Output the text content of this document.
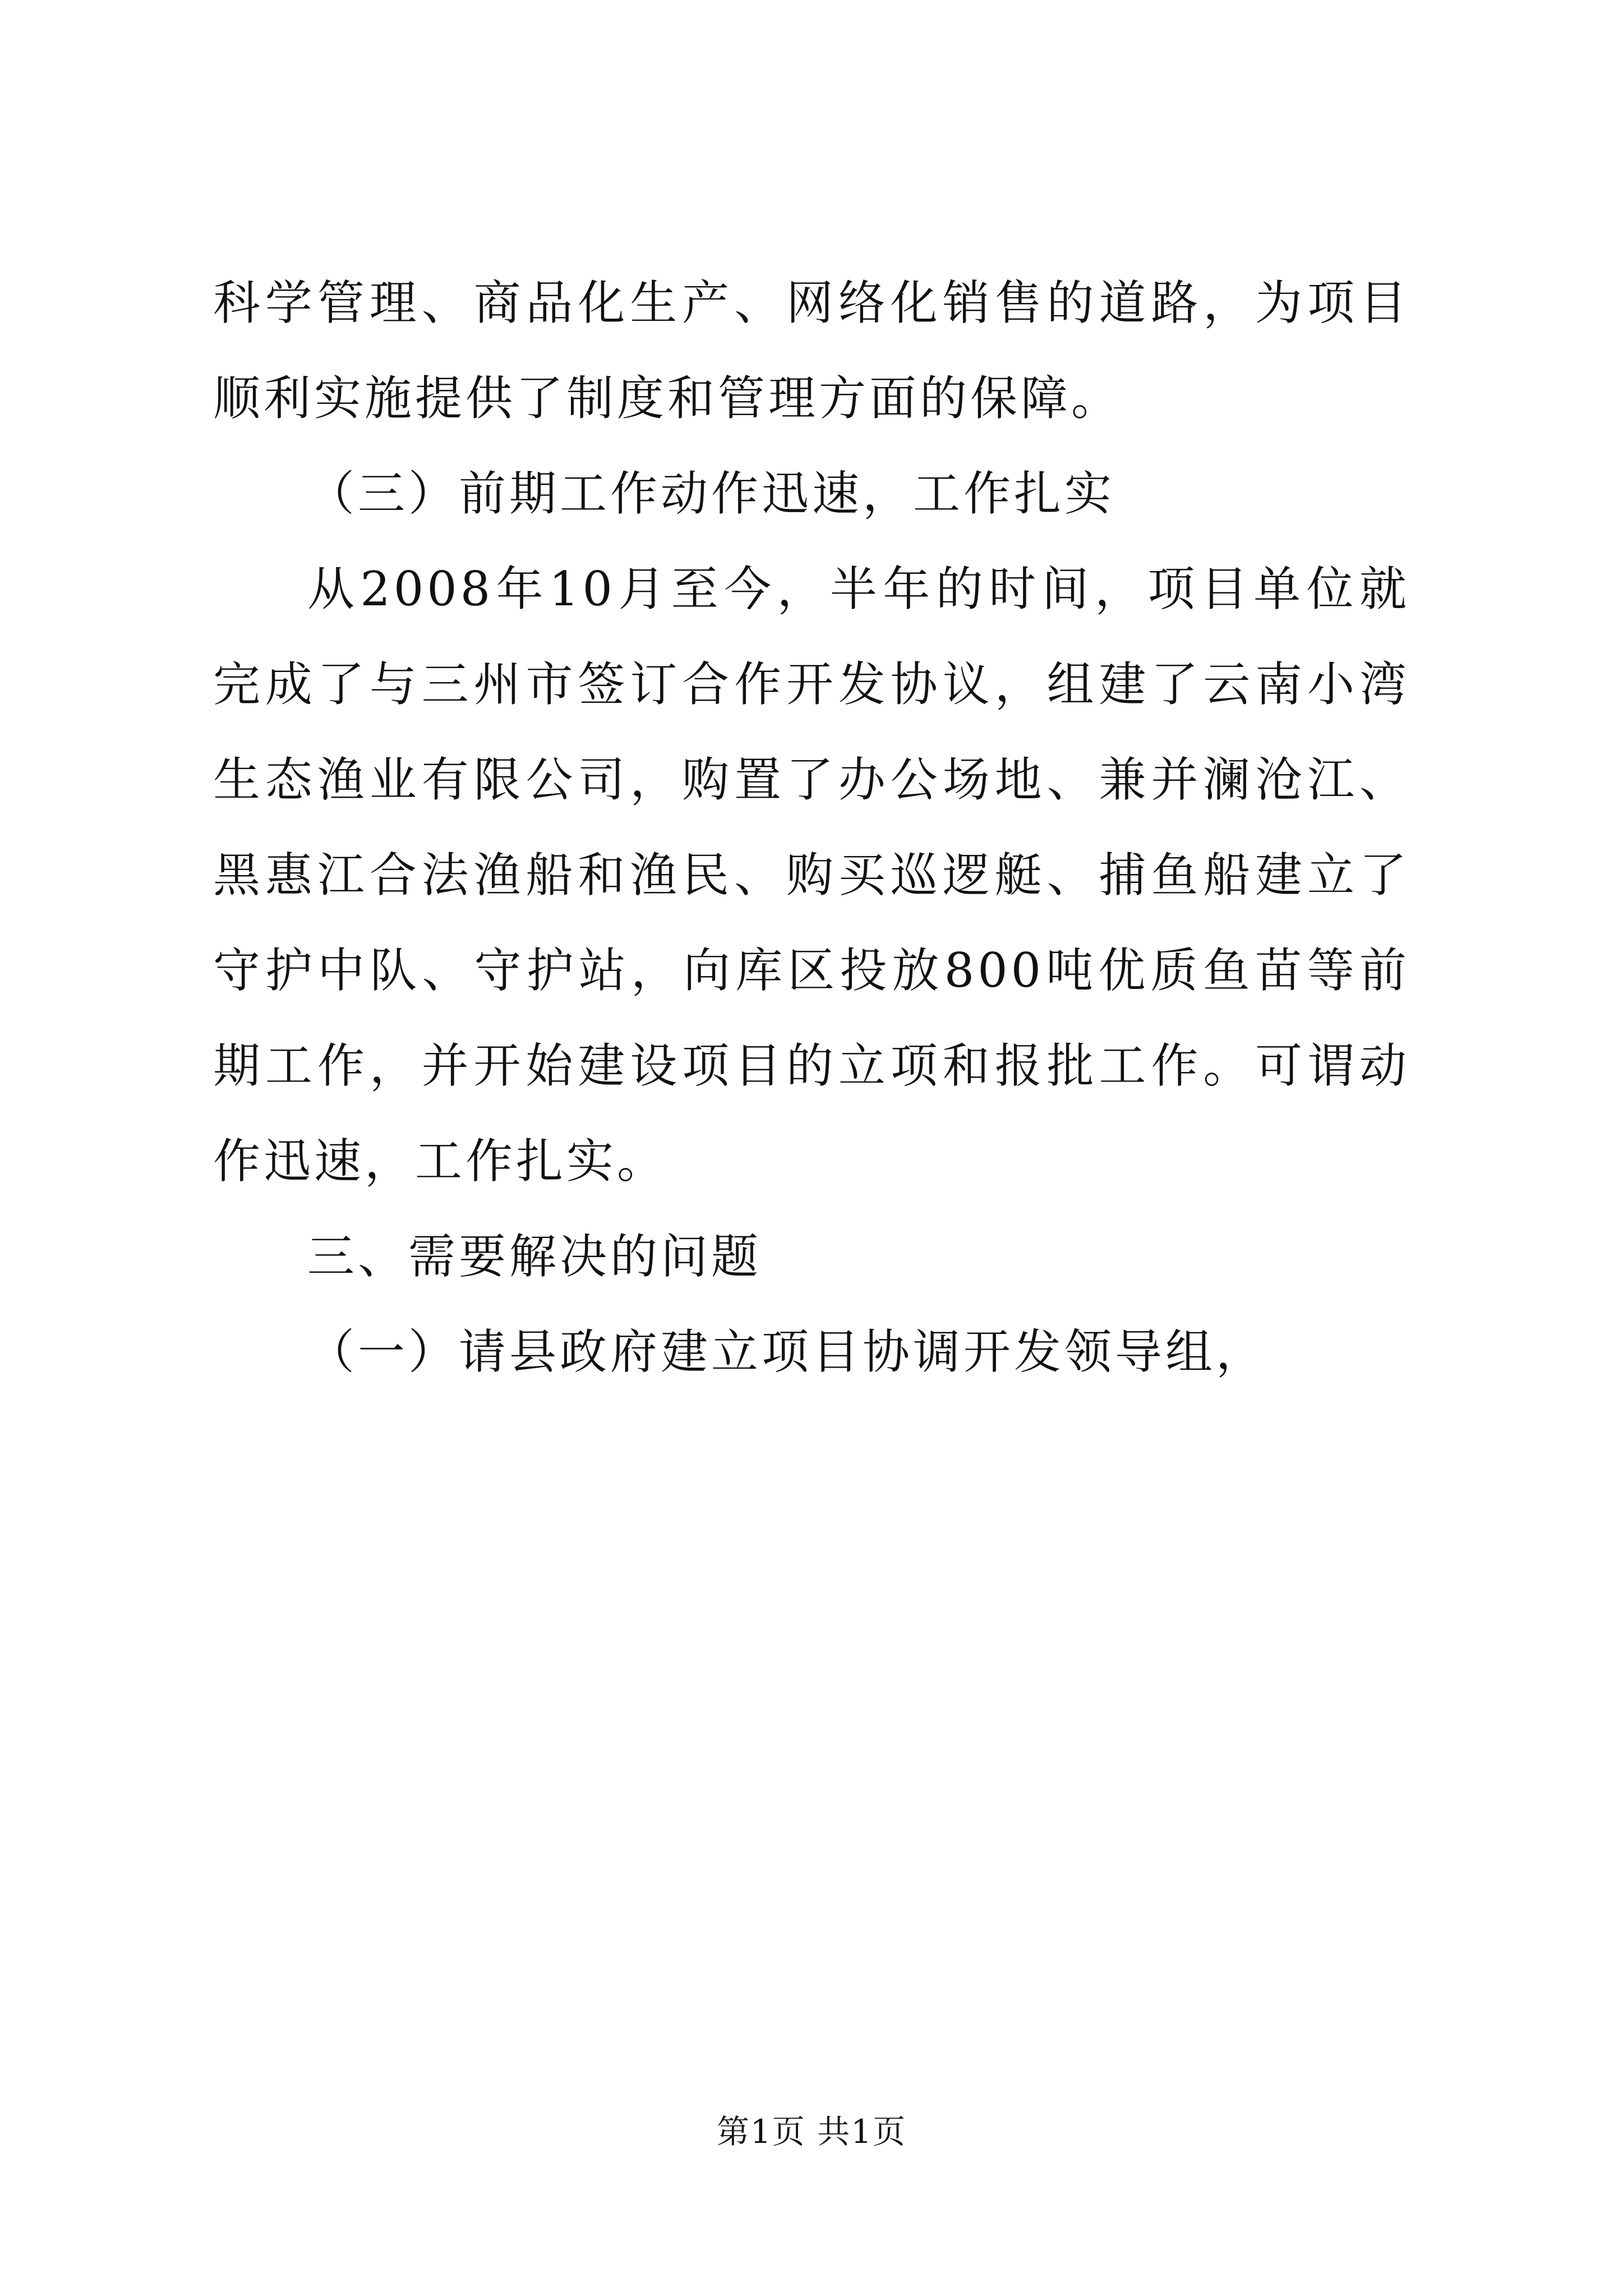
科学管理、商品化生产、网络化销售的道路，为项目顺利实施提供了制度和管理方面的保障。

（三）前期工作动作迅速，工作扎实

从2008年10月至今，半年的时间，项目单位就完成了与三州市签订合作开发协议，组建了云南小湾生态渔业有限公司，购置了办公场地、兼并澜沧江、黑惠江合法渔船和渔民、购买巡逻艇、捕鱼船建立了守护中队、守护站，向库区投放800吨优质鱼苗等前期工作，并开始建设项目的立项和报批工作。可谓动作迅速，工作扎实。

三、需要解决的问题

（一）请县政府建立项目协调开发领导组，

第1页 共1页
